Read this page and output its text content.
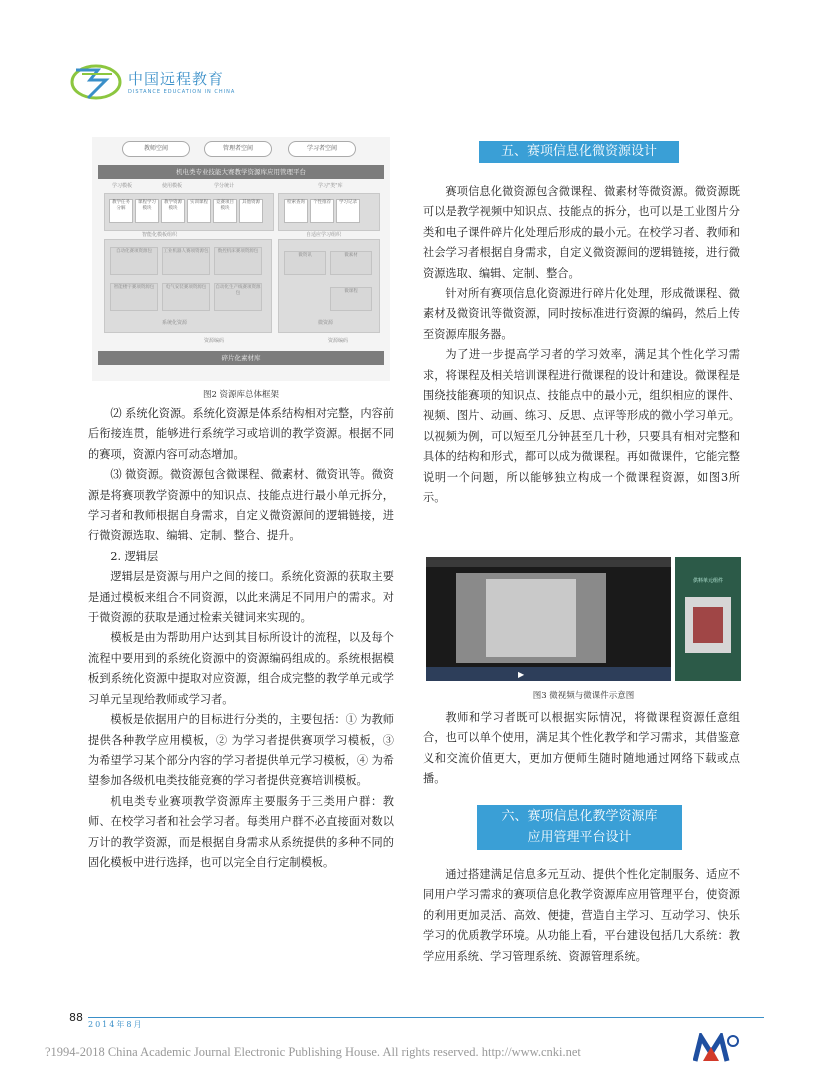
中国远程教育
DISTANCE EDUCATION IN CHINA
教师空间	管理者空间	学习者空间
机电类专业技能大赛教学资源库应用管理平台
学习模板	使用模板	学分统计	学习"类"库
教学任务分解
课程学习模块
教学资源模块
实训课程	竞赛项目模块
其他资源	检索查询	个性推荐	学习记录
智能化模板组织	自适应学习组织
自动化赛项资源包	工业机器人赛项资源包	数控机床赛项资源包
智能楼宇赛项资源包	电气安装赛项资源包	自动化生产线赛项资源包
系统化资源
微资讯	微素材
微课程
微资源
资源编码	资源编码
碎片化素材库
图2 资源库总体框架

⑵ 系统化资源。系统化资源是体系结构相对完整，内容前后衔接连贯，能够进行系统学习或培训的教学资源。根据不同的赛项，资源内容可动态增加。

⑶ 微资源。微资源包含微课程、微素材、微资讯等。微资源是将赛项教学资源中的知识点、技能点进行最小单元拆分，学习者和教师根据自身需求，自定义微资源间的逻辑链接，进行微资源选取、编辑、定制、整合、提升。

2. 逻辑层

逻辑层是资源与用户之间的接口。系统化资源的获取主要是通过模板来组合不同资源，以此来满足不同用户的需求。对于微资源的获取是通过检索关键词来实现的。

模板是由为帮助用户达到其目标所设计的流程，以及每个流程中要用到的系统化资源中的资源编码组成的。系统根据模板到系统化资源中提取对应资源，组合成完整的教学单元或学习单元呈现给教师或学习者。

模板是依据用户的目标进行分类的，主要包括：① 为教师提供各种教学应用模板，② 为学习者提供赛项学习模板，③ 为希望学习某个部分内容的学习者提供单元学习模板，④ 为希望参加各级机电类技能竞赛的学习者提供竞赛培训模板。

机电类专业赛项教学资源库主要服务于三类用户群：教师、在校学习者和社会学习者。每类用户群不必直接面对数以万计的教学资源，而是根据自身需求从系统提供的多种不同的固化模板中进行选择，也可以完全自行定制模板。

五、赛项信息化微资源设计

赛项信息化微资源包含微课程、微素材等微资源。微资源既可以是教学视频中知识点、技能点的拆分，也可以是工业图片分类和电子课件碎片化处理后形成的最小元。在校学习者、教师和社会学习者根据自身需求，自定义微资源间的逻辑链接，进行微资源选取、编辑、定制、整合。

针对所有赛项信息化资源进行碎片化处理，形成微课程、微素材及微资讯等微资源，同时按标准进行资源的编码，然后上传至资源库服务器。

为了进一步提高学习者的学习效率，满足其个性化学习需求，将课程及相关培训课程进行微课程的设计和建设。微课程是围绕技能赛项的知识点、技能点中的最小元，组织相应的课件、视频、图片、动画、练习、反思、点评等形成的微小学习单元。以视频为例，可以短至几分钟甚至几十秒，只要具有相对完整和具体的结构和形式，都可以成为微课程。再如微课件，它能完整说明一个问题，所以能够独立构成一个微课程资源，如图3所示。

▶
供料单元组件
图3 微视频与微课件示意图

教师和学习者既可以根据实际情况，将微课程资源任意组合，也可以单个使用，满足其个性化教学和学习需求，其借鉴意义和交流价值更大，更加方便师生随时随地通过网络下载或点播。

六、赛项信息化教学资源库
应用管理平台设计

通过搭建满足信息多元互动、提供个性化定制服务、适应不同用户学习需求的赛项信息化教学资源库应用管理平台，使资源的利用更加灵活、高效、便捷，营造自主学习、互动学习、快乐学习的优质教学环境。从功能上看，平台建设包括几大系统：教学应用系统、学习管理系统、资源管理系统。

88
2014年8月
?1994-2018 China Academic Journal Electronic Publishing House. All rights reserved. http://www.cnki.net
